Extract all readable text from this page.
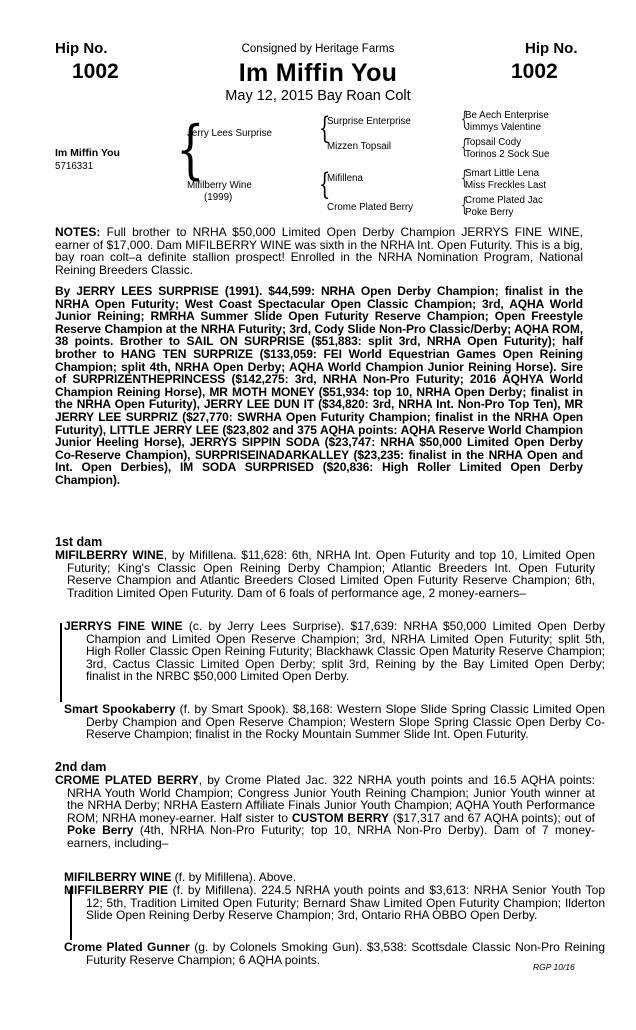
Hip No.
1002
Hip No.
1002
Consigned by Heritage Farms
Im Miffin You
May 12, 2015 Bay Roan Colt
Im Miffin You
5716331 {
Jerry Lees Surprise
Mifilberry Wine
(1999)
{
Surprise Enterprise
Mizzen Topsail
{
Mifillena
Crome Plated Berry
{
Be Aech Enterprise
Jimmys Valentine
{
Topsail Cody
Torinos 2 Sock Sue
{
Smart Little Lena
Miss Freckles Last
{
Crome Plated Jac
Poke Berry
NOTES: Full brother to NRHA $50,000 Limited Open Derby Champion JERRYS FINE WINE, earner of $17,000. Dam MIFILBERRY WINE was sixth in the NRHA Int. Open Futurity. This is a big, bay roan colt–a definite stallion prospect! Enrolled in the NRHA Nomination Program, National Reining Breeders Classic.
By JERRY LEES SURPRISE (1991). $44,599: NRHA Open Derby Champion; finalist in the NRHA Open Futurity; West Coast Spectacular Open Classic Champion; 3rd, AQHA World Junior Reining; RMRHA Summer Slide Open Futurity Reserve Champion; Open Freestyle Reserve Champion at the NRHA Futurity; 3rd, Cody Slide Non-Pro Classic/Derby; AQHA ROM, 38 points. Brother to SAIL ON SURPRISE ($51,883: split 3rd, NRHA Open Futurity); half brother to HANG TEN SURPRIZE ($133,059: FEI World Equestrian Games Open Reining Champion; split 4th, NRHA Open Derby; AQHA World Champion Junior Reining Horse). Sire of SURPRIZENTHEPRINCESS ($142,275: 3rd, NRHA Non-Pro Futurity; 2016 AQHYA World Champion Reining Horse), MR MOTH MONEY ($51,934: top 10, NRHA Open Derby; finalist in the NRHA Open Futurity), JERRY LEE DUN IT ($34,820: 3rd, NRHA Int. Non-Pro Top Ten), MR JERRY LEE SURPRIZ ($27,770: SWRHA Open Futurity Champion; finalist in the NRHA Open Futurity), LITTLE JERRY LEE ($23,802 and 375 AQHA points: AQHA Reserve World Champion Junior Heeling Horse), JERRYS SIPPIN SODA ($23,747: NRHA $50,000 Limited Open Derby Co-Reserve Champion), SURPRISEINADARKALLEY ($23,235: finalist in the NRHA Open and Int. Open Derbies), IM SODA SURPRISED ($20,836: High Roller Limited Open Derby Champion).
1st dam
MIFILBERRY WINE, by Mifillena. $11,628: 6th, NRHA Int. Open Futurity and top 10, Limited Open Futurity; King's Classic Open Reining Derby Champion; Atlantic Breeders Int. Open Futurity Reserve Champion and Atlantic Breeders Closed Limited Open Futurity Reserve Champion; 6th, Tradition Limited Open Futurity. Dam of 6 foals of performance age, 2 money-earners–
JERRYS FINE WINE (c. by Jerry Lees Surprise). $17,639: NRHA $50,000 Limited Open Derby Champion and Limited Open Reserve Champion; 3rd, NRHA Limited Open Futurity; split 5th, High Roller Classic Open Reining Futurity; Blackhawk Classic Open Maturity Reserve Champion; 3rd, Cactus Classic Limited Open Derby; split 3rd, Reining by the Bay Limited Open Derby; finalist in the NRBC $50,000 Limited Open Derby.
Smart Spookaberry (f. by Smart Spook). $8,168: Western Slope Slide Spring Classic Limited Open Derby Champion and Open Reserve Champion; Western Slope Spring Classic Open Derby Co-Reserve Champion; finalist in the Rocky Mountain Summer Slide Int. Open Futurity.
2nd dam
CROME PLATED BERRY, by Crome Plated Jac. 322 NRHA youth points and 16.5 AQHA points: NRHA Youth World Champion; Congress Junior Youth Reining Champion; Junior Youth winner at the NRHA Derby; NRHA Eastern Affiliate Finals Junior Youth Champion; AQHA Youth Performance ROM; NRHA money-earner. Half sister to CUSTOM BERRY ($17,317 and 67 AQHA points); out of Poke Berry (4th, NRHA Non-Pro Futurity; top 10, NRHA Non-Pro Derby). Dam of 7 money-earners, including–
MIFILBERRY WINE (f. by Mifillena). Above.
MIFFILBERRY PIE (f. by Mifillena). 224.5 NRHA youth points and $3,613: NRHA Senior Youth Top 12; 5th, Tradition Limited Open Futurity; Bernard Shaw Limited Open Futurity Champion; Ilderton Slide Open Reining Derby Reserve Champion; 3rd, Ontario RHA OBBO Open Derby.
Crome Plated Gunner (g. by Colonels Smoking Gun). $3,538: Scottsdale Classic Non-Pro Reining Futurity Reserve Champion; 6 AQHA points.
RGP 10/16
